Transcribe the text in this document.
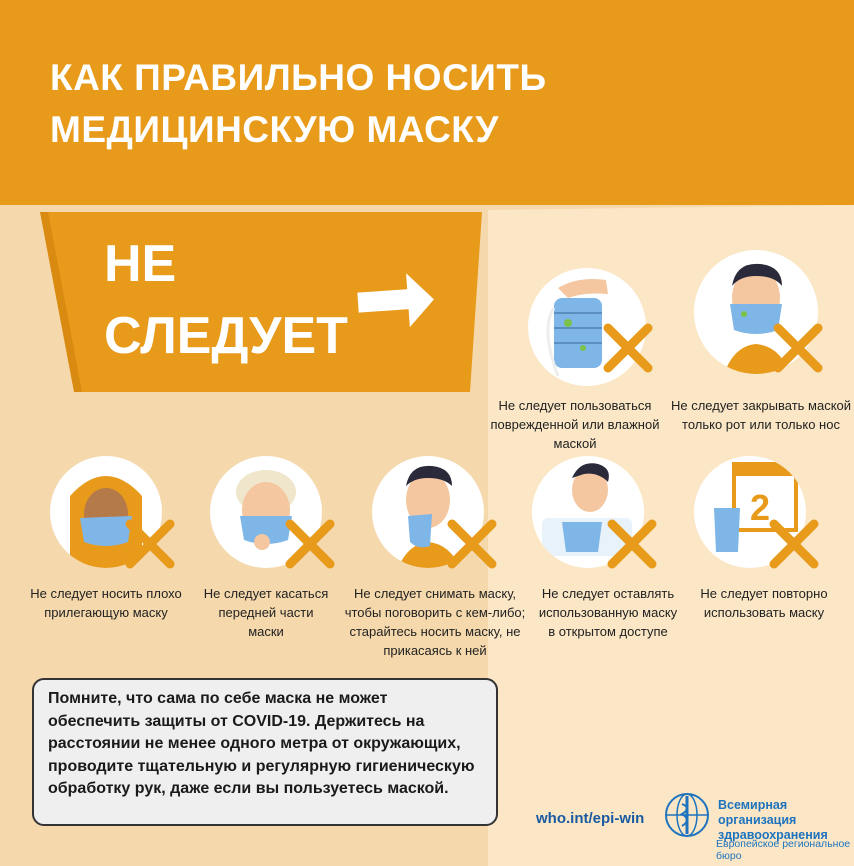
КАК ПРАВИЛЬНО НОСИТЬ
МЕДИЦИНСКУЮ МАСКУ
НЕ
СЛЕДУЕТ
Не следует пользоваться поврежденной или влажной маской
Не следует закрывать маской только рот или только нос
2
Не следует носить плохо прилегающую маску
Не следует касаться передней части маски
Не следует снимать маску, чтобы поговорить с кем-либо; старайтесь носить маску, не прикасаясь к ней
Не следует оставлять использованную маску в открытом доступе
Не следует повторно использовать маску
Помните, что сама по себе маска не может обеспечить защиты от COVID-19. Держитесь на расстоянии не менее одного метра от окружающих, проводите тщательную и регулярную гигиеническую обработку рук, даже если вы пользуетесь маской.
who.int/epi-win
Всемирная организация
здравоохранения
Европейское региональное бюро
